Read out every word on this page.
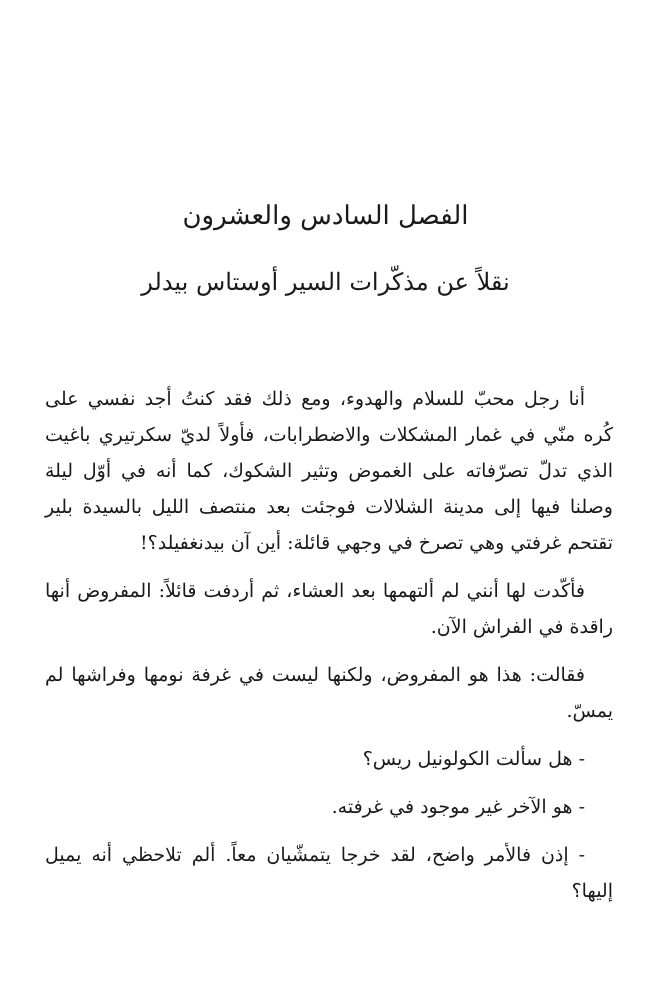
الفصل السادس والعشرون
نقلاً عن مذكّرات السير أوستاس بيدلر

أنا رجل محبّ للسلام والهدوء، ومع ذلك فقد كنتُ أجد نفسي على كُره منّي في غمار المشكلات والاضطرابات، فأولاً لديّ سكرتيري باغيت الذي تدلّ تصرّفاته على الغموض وتثير الشكوك، كما أنه في أوّل ليلة وصلنا فيها إلى مدينة الشلالات فوجئت بعد منتصف الليل بالسيدة بلير تقتحم غرفتي وهي تصرخ في وجهي قائلة: أين آن بيدنغفيلد؟!

فأكّدت لها أنني لم ألتهمها بعد العشاء، ثم أردفت قائلاً: المفروض أنها راقدة في الفراش الآن.

فقالت: هذا هو المفروض، ولكنها ليست في غرفة نومها وفراشها لم يمسّ.

- هل سألت الكولونيل ريس؟

- هو الآخر غير موجود في غرفته.

- إذن فالأمر واضح، لقد خرجا يتمشّيان معاً. ألم تلاحظي أنه يميل إليها؟
